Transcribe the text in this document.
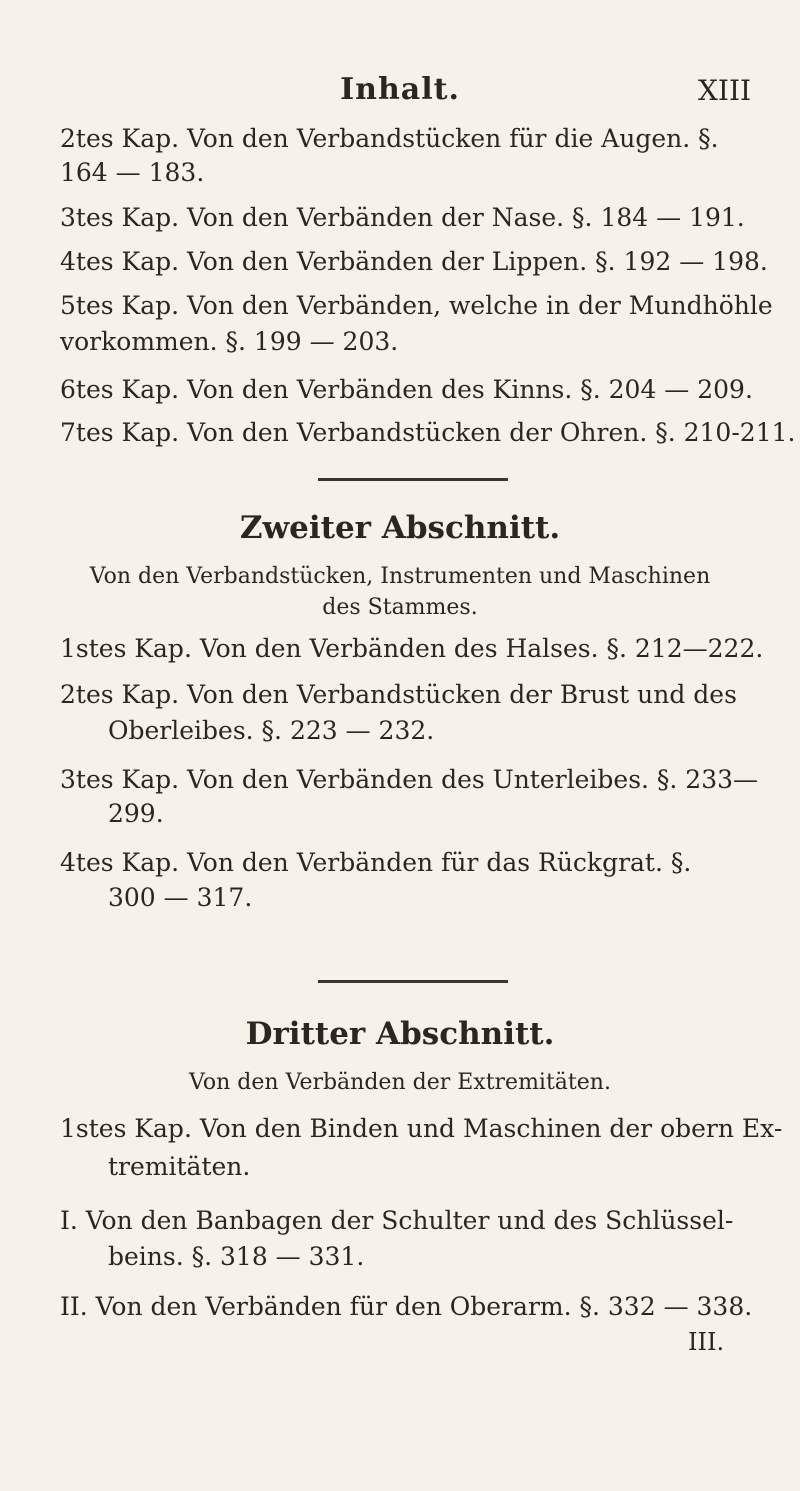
Inhalt.	XIII
2tes Kap. Von den Verbandstücken für die Augen. §.
164 — 183.
3tes Kap. Von den Verbänden der Nase. §. 184 — 191.
4tes Kap. Von den Verbänden der Lippen. §. 192 — 198.
5tes Kap. Von den Verbänden, welche in der Mundhöhle
vorkommen. §. 199 — 203.
6tes Kap. Von den Verbänden des Kinns. §. 204 — 209.
7tes Kap. Von den Verbandstücken der Ohren. §. 210-211.
Zweiter Abschnitt.
Von den Verbandstücken, Instrumenten und Maschinen
des Stammes.
1stes Kap. Von den Verbänden des Halses. §. 212—222.
2tes Kap. Von den Verbandstücken der Brust und des
Oberleibes. §. 223 — 232.
3tes Kap. Von den Verbänden des Unterleibes. §. 233—
299.
4tes Kap. Von den Verbänden für das Rückgrat. §.
300 — 317.
Dritter Abschnitt.
Von den Verbänden der Extremitäten.
1stes Kap. Von den Binden und Maschinen der obern Ex-
tremitäten.
I. Von den Banbagen der Schulter und des Schlüssel-
beins. §. 318 — 331.
II. Von den Verbänden für den Oberarm. §. 332 — 338.
III.
